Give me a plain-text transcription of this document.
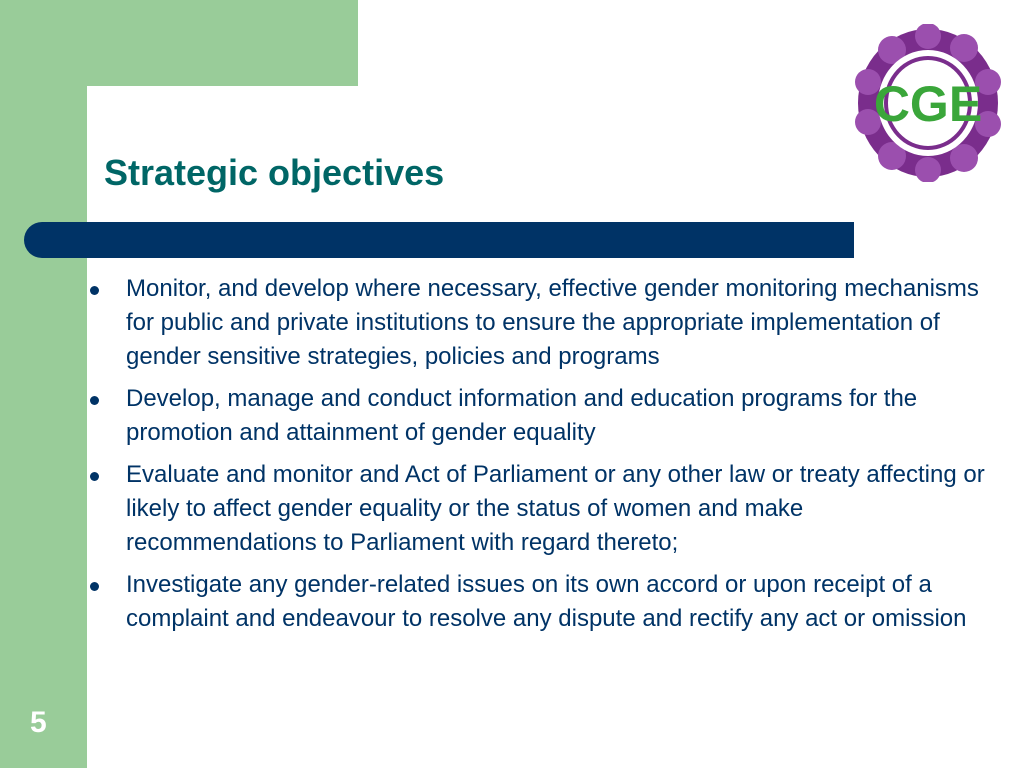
Strategic objectives
CGE
Monitor, and develop where necessary, effective gender monitoring mechanisms for public and private institutions to ensure the appropriate implementation of gender sensitive strategies, policies and programs
Develop, manage and conduct information and education programs for the promotion and attainment of gender equality
Evaluate and monitor and Act of Parliament or any other law or treaty affecting or likely to affect gender equality or the status of women and make recommendations to Parliament with regard thereto;
Investigate any gender-related issues on its own accord or upon receipt of a complaint and endeavour to resolve any dispute and rectify any act or omission
5
